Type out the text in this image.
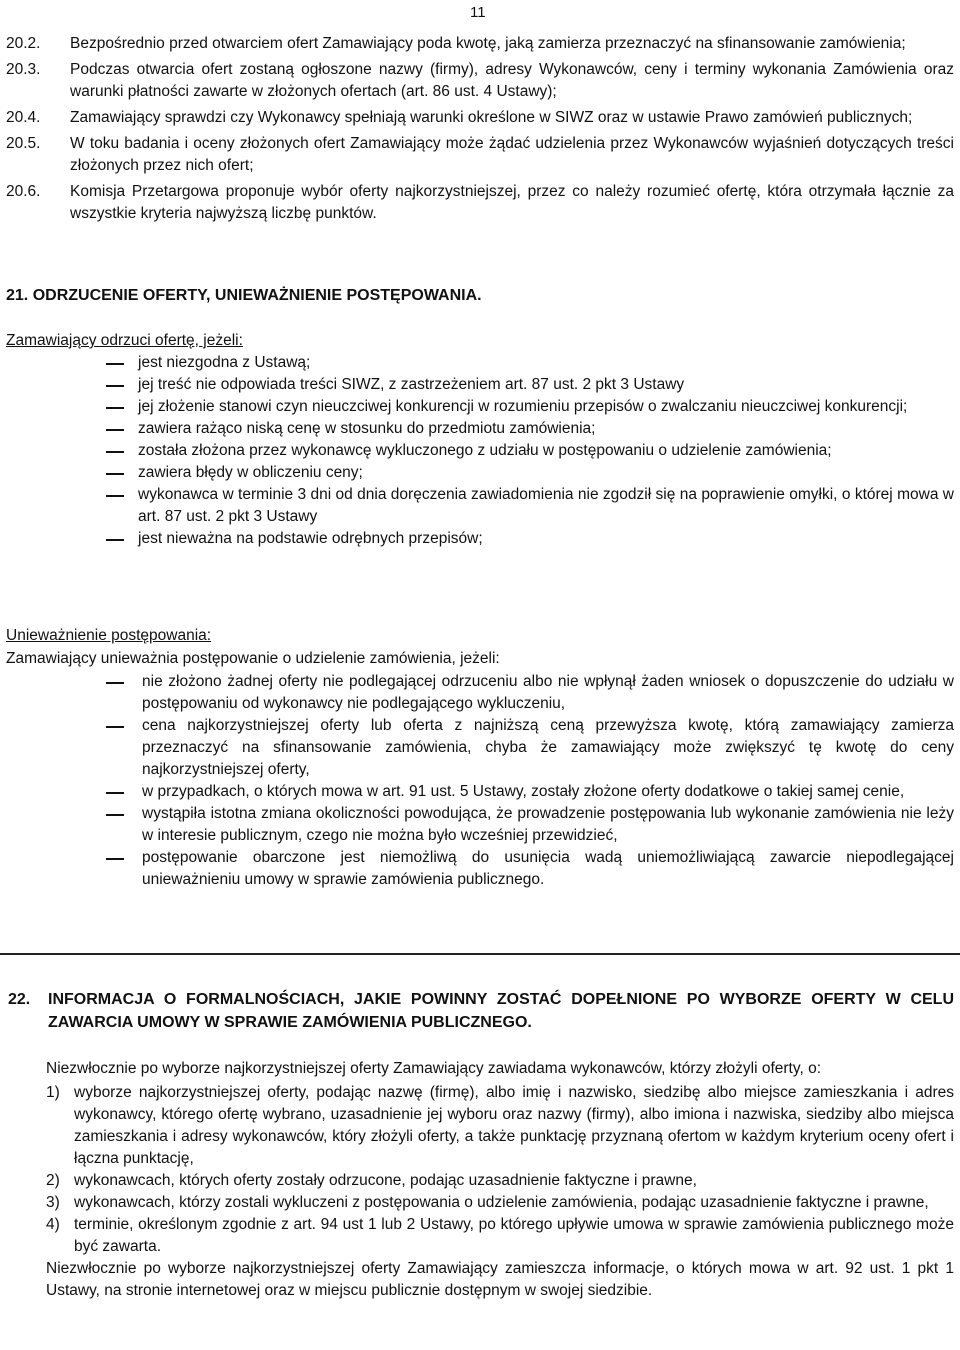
11
20.2.	Bezpośrednio przed otwarciem ofert Zamawiający poda kwotę, jaką zamierza przeznaczyć na sfinansowanie zamówienia;
20.3.	Podczas otwarcia ofert zostaną ogłoszone nazwy (firmy), adresy Wykonawców, ceny i terminy wykonania Zamówienia oraz warunki płatności zawarte w złożonych ofertach (art. 86 ust. 4 Ustawy);
20.4.	Zamawiający sprawdzi czy Wykonawcy spełniają warunki określone w SIWZ oraz w ustawie Prawo zamówień publicznych;
20.5.	W toku badania i oceny złożonych ofert Zamawiający może żądać udzielenia przez Wykonawców wyjaśnień dotyczących treści złożonych przez nich ofert;
20.6.	Komisja Przetargowa proponuje wybór oferty najkorzystniejszej, przez co należy rozumieć ofertę, która otrzymała łącznie za wszystkie kryteria najwyższą liczbę punktów.
21. ODRZUCENIE OFERTY, UNIEWAŻNIENIE POSTĘPOWANIA.
Zamawiający odrzuci ofertę, jeżeli:
jest niezgodna z Ustawą;
jej treść nie odpowiada treści SIWZ, z zastrzeżeniem art. 87 ust. 2 pkt 3 Ustawy
jej złożenie stanowi czyn nieuczciwej konkurencji w rozumieniu przepisów o zwalczaniu nieuczciwej konkurencji;
zawiera rażąco niską cenę w stosunku do przedmiotu zamówienia;
została złożona przez wykonawcę wykluczonego z udziału w postępowaniu o udzielenie zamówienia;
zawiera błędy w obliczeniu ceny;
wykonawca w terminie 3 dni od dnia doręczenia zawiadomienia nie zgodził się na poprawienie omyłki, o której mowa w art. 87 ust. 2 pkt 3 Ustawy
jest nieważna na podstawie odrębnych przepisów;
Unieważnienie postępowania:
Zamawiający unieważnia postępowanie o udzielenie zamówienia, jeżeli:
nie złożono żadnej oferty nie podlegającej odrzuceniu albo nie wpłynął żaden wniosek o dopuszczenie do udziału w postępowaniu od wykonawcy nie podlegającego wykluczeniu,
cena najkorzystniejszej oferty lub oferta z najniższą ceną przewyższa kwotę, którą zamawiający zamierza przeznaczyć na sfinansowanie zamówienia, chyba że zamawiający może zwiększyć tę kwotę do ceny najkorzystniejszej oferty,
w przypadkach, o których mowa w art. 91 ust. 5 Ustawy, zostały złożone oferty dodatkowe o takiej samej cenie,
wystąpiła istotna zmiana okoliczności powodująca, że prowadzenie postępowania lub wykonanie zamówienia nie leży w interesie publicznym, czego nie można było wcześniej przewidzieć,
postępowanie obarczone jest niemożliwą do usunięcia wadą uniemożliwiającą zawarcie niepodlegającej unieważnieniu umowy w sprawie zamówienia publicznego.
22.	INFORMACJA O FORMALNOŚCIACH, JAKIE POWINNY ZOSTAĆ DOPEŁNIONE PO WYBORZE OFERTY W CELU ZAWARCIA UMOWY W SPRAWIE ZAMÓWIENIA PUBLICZNEGO.
Niezwłocznie po wyborze najkorzystniejszej oferty Zamawiający zawiadama wykonawców, którzy złożyli oferty, o:
1) wyborze najkorzystniejszej oferty, podając nazwę (firmę), albo imię i nazwisko, siedzibę albo miejsce zamieszkania i adres wykonawcy, którego ofertę wybrano, uzasadnienie jej wyboru oraz nazwy (firmy), albo imiona i nazwiska, siedziby albo miejsca zamieszkania i adresy wykonawców, który złożyli oferty, a także punktację przyznaną ofertom w każdym kryterium oceny ofert i łączna punktację,
2) wykonawcach, których oferty zostały odrzucone, podając uzasadnienie faktyczne i prawne,
3) wykonawcach, którzy zostali wykluczeni z postępowania o udzielenie zamówienia, podając uzasadnienie faktyczne i prawne,
4) terminie, określonym zgodnie z art. 94 ust 1 lub 2 Ustawy, po którego upływie umowa w sprawie zamówienia publicznego może być zawarta.
Niezwłocznie po wyborze najkorzystniejszej oferty Zamawiający zamieszcza informacje, o których mowa w art. 92 ust. 1 pkt 1 Ustawy, na stronie internetowej oraz w miejscu publicznie dostępnym w swojej siedzibie.
